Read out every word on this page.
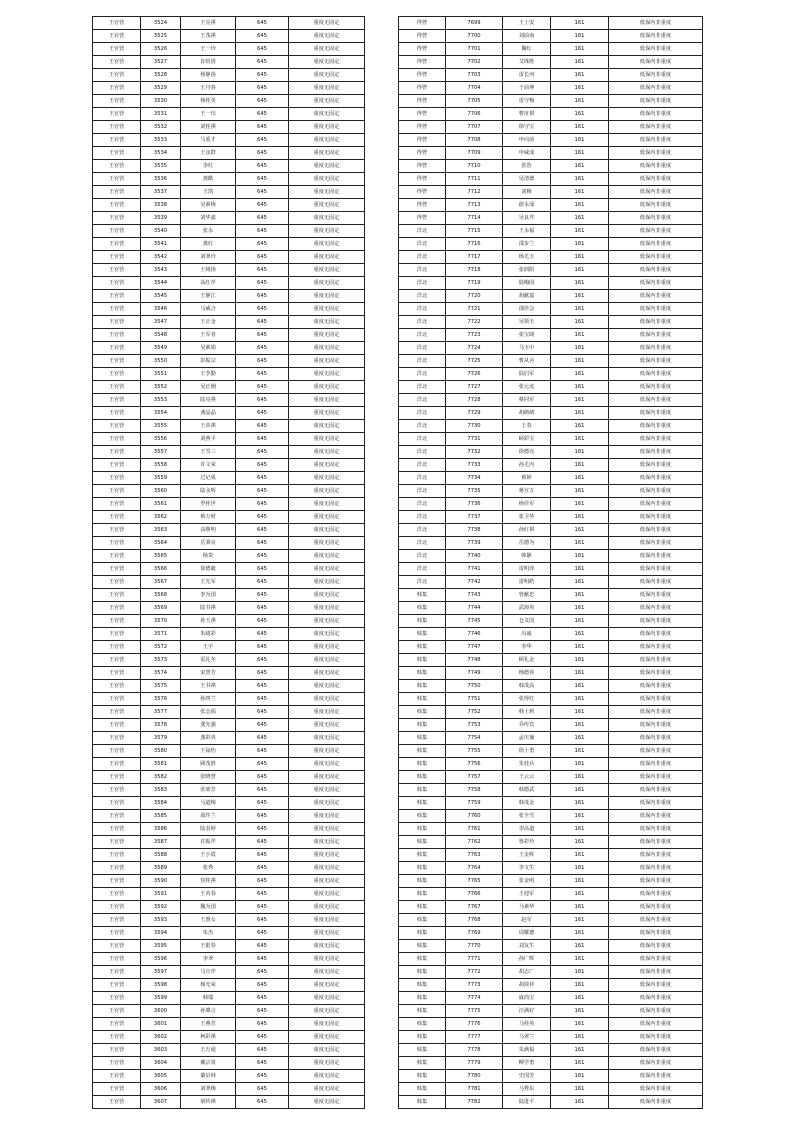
王官营	3524	王亮祺	645	重度无固定
王官营	3525	王茂祺	645	重度无固定
王官营	3526	王一玲	645	重度无固定
王官营	3527	许绍清	645	重度无固定
王官营	3528	杨静茵	645	重度无固定
王官营	3529	王丹春	645	重度无固定
王官营	3530	杨桂英	645	重度无固定
王官营	3531	王一珏	645	重度无固定
王官营	3532	刘桂祺	645	重度无固定
王官营	3533	马重才	645	重度无固定
王官营	3534	王彦群	645	重度无固定
王官营	3535	李红	645	重度无固定
王官营	3536	龚酰	645	重度无固定
王官营	3537	王凯	645	重度无固定
王官营	3538	吴素梅	645	重度无固定
王官营	3539	刘华嘉	645	重度无固定
王官营	3540	张永	645	重度无固定
王官营	3541	龚红	645	重度无固定
王官营	3542	刘翠玲	645	重度无固定
王官营	3543	王树扬	645	重度无固定
王官营	3544	高红芹	645	重度无固定
王官营	3545	王静江	645	重度无固定
王官营	3546	马威合	645	重度无固定
王官营	3547	王正金	645	重度无固定
王官营	3548	王军者	645	重度无固定
王官营	3549	吴素娟	645	重度无固定
王官营	3550	彭振宗	645	重度无固定
王官营	3551	王李勤	645	重度无固定
王官营	3552	吴正刚	645	重度无固定
王官营	3553	陆亮祺	645	重度无固定
王官营	3554	龚晶晶	645	重度无固定
王官营	3555	王帝祺	645	重度无固定
王官营	3556	刘燕平	645	重度无固定
王官营	3557	王雪三	645	重度无固定
王官营	3558	许文荣	645	重度无固定
王官营	3559	过记成	645	重度无固定
王官营	3560	陆永辉	645	重度无固定
王官营	3561	罗桂世	645	重度无固定
王官营	3562	蔡万时	645	重度无固定
王官营	3563	高继明	645	重度无固定
王官营	3564	岳秉良	645	重度无固定
王官营	3565	杨贵	645	重度无固定
王官营	3566	徐德毅	645	重度无固定
王官营	3567	王先军	645	重度无固定
王官营	3568	李为国	645	重度无固定
王官营	3569	陆书祺	645	重度无固定
王官营	3570	孙玉祺	645	重度无固定
王官营	3571	朱绪彩	645	重度无固定
王官营	3572	王宇	645	重度无固定
王官营	3573	雷礼冬	645	重度无固定
王官营	3574	宋慧芳	645	重度无固定
王官营	3575	王书祺	645	重度无固定
王官营	3576	孙四兰	645	重度无固定
王官营	3577	张志福	645	重度无固定
王官营	3578	龚先强	645	重度无固定
王官营	3579	龚彩英	645	重度无固定
王官营	3580	王禄怡	645	重度无固定
王官营	3581	顾茂胜	645	重度无固定
王官营	3582	张晓慧	645	重度无固定
王官营	3583	张梁芳	645	重度无固定
王官营	3584	马道梅	645	重度无固定
王官营	3585	邵作兰	645	重度无固定
王官营	3586	陆羽婷	645	重度无固定
王官营	3587	许振芹	645	重度无固定
王官营	3588	王小霞	645	重度无固定
王官营	3589	张秀	645	重度无固定
王官营	3590	侯桂祺	645	重度无固定
王官营	3591	王芮春	645	重度无固定
王官营	3592	魏为国	645	重度无固定
王官营	3593	王惠女	645	重度无固定
王官营	3594	朱杰	645	重度无固定
王官营	3595	王银春	645	重度无固定
王官营	3596	李翠	645	重度无固定
王官营	3597	马宣芹	645	重度无固定
王官营	3598	杨光荣	645	重度无固定
王官营	3599	韩瑞	645	重度无固定
王官营	3600	孙肇言	645	重度无固定
王官营	3601	王燕芳	645	重度无固定
王官营	3602	柯彩祺	645	重度无固定
王官营	3603	王万通	645	重度无固定
王官营	3604	戴宗贤	645	重度无固定
王官营	3605	蕭启林	645	重度无固定
王官营	3606	刘翠梅	645	重度无固定
王官营	3607	梁传祺	645	重度无固定
得營	7699	王士安	161	低保内非重度
得營	7700	刘前南	161	低保内非重度
得營	7701	魏红	161	低保内非重度
得營	7702	艾珠胜	161	低保内非重度
得營	7703	雷长河	161	低保内非重度
得營	7704	于前坤	161	低保内非重度
得營	7705	雷守梅	161	低保内非重度
得營	7706	曹征祺	161	低保内非重度
得營	7707	徐守宝	161	低保内非重度
得營	7708	申向前	161	低保内非重度
得營	7709	申威成	161	低保内非重度
得營	7710	张浩	161	低保内非重度
得營	7711	吴清德	161	低保内非重度
得營	7712	刘梅	161	低保内非重度
得營	7713	蔚永成	161	低保内非重度
得營	7714	吴良芹	161	低保内非重度
洋北	7715	王永福	161	低保内非重度
洋北	7716	邵步兰	161	低保内非重度
洋北	7717	杨尤玉	161	低保内非重度
洋北	7718	张润阳	161	低保内非重度
洋北	7719	陆梅国	161	低保内非重度
洋北	7720	胡献嘉	161	低保内非重度
洋北	7721	邵佳会	161	低保内非重度
洋北	7722	吴领玉	161	低保内非重度
洋北	7723	张宝阔	161	低保内非重度
洋北	7724	马玉中	161	低保内非重度
洋北	7725	曹从舍	161	低保内非重度
洋北	7726	陆启军	161	低保内非重度
洋北	7727	张元虎	161	低保内非重度
洋北	7728	蔡同军	161	低保内非重度
洋北	7729	胡绪绪	161	低保内非重度
洋北	7730	王春	161	低保内非重度
洋北	7731	顾彩宝	161	低保内非重度
洋北	7732	徐德亮	161	低保内非重度
洋北	7733	孙尤丙	161	低保内非重度
洋北	7734	蔡婷	161	低保内非重度
洋北	7735	蒋宣五	161	低保内非重度
洋北	7736	杨佳军	161	低保内非重度
洋北	7737	张卫华	161	低保内非重度
洋北	7738	孙红祺	161	低保内非重度
洋北	7739	岳德为	161	低保内非重度
洋北	7740	韩静	161	低保内非重度
洋北	7741	雷明泽	161	低保内非重度
洋北	7742	雷明皓	161	低保内非重度
韩集	7743	曾献忠	161	低保内非重度
韩集	7744	武海英	161	低保内非重度
韩集	7745	仓义国	161	低保内非重度
韩集	7746	冯戚	161	低保内非重度
韩集	7747	李华	161	低保内非重度
韩集	7748	顾礼金	161	低保内非重度
韩集	7749	杨德喜	161	低保内非重度
韩集	7750	韩茂高	161	低保内非重度
韩集	7751	张得红	161	低保内非重度
韩集	7752	韩士莉	161	低保内非重度
韩集	7753	乔传宾	161	低保内非重度
韩集	7754	孟庆瑜	161	低保内非重度
韩集	7755	徐士勇	161	低保内非重度
韩集	7756	朱桂兵	161	低保内非重度
韩集	7757	王云云	161	低保内非重度
韩集	7758	韩德武	161	低保内非重度
韩集	7759	韩茂金	161	低保内非重度
韩集	7760	张全雪	161	低保内非重度
韩集	7761	李高道	161	低保内非重度
韩集	7762	鲁彩玲	161	低保内非重度
韩集	7763	王金辉	161	低保内非重度
韩集	7764	李文生	161	低保内非重度
韩集	7765	张金明	161	低保内非重度
韩集	7766	王迎军	161	低保内非重度
韩集	7767	马素华	161	低保内非重度
韩集	7768	赵军	161	低保内非重度
韩集	7769	周耀德	161	低保内非重度
韩集	7770	刘友生	161	低保内非重度
韩集	7771	孙广辉	161	低保内非重度
韩集	7772	胡志广	161	低保内非重度
韩集	7773	胡徐祥	161	低保内非重度
韩集	7774	戚尚宝	161	低保内非重度
韩集	7775	汪满好	161	低保内非重度
韩集	7776	马桂英	161	低保内非重度
韩集	7777	马翠兰	161	低保内非重度
韩集	7778	朱满福	161	低保内非重度
韩集	7779	柳学勇	161	低保内非重度
韩集	7780	史国芳	161	低保内非重度
韩集	7781	马秀东	161	低保内非重度
韩集	7782	陆进平	161	低保内非重度
